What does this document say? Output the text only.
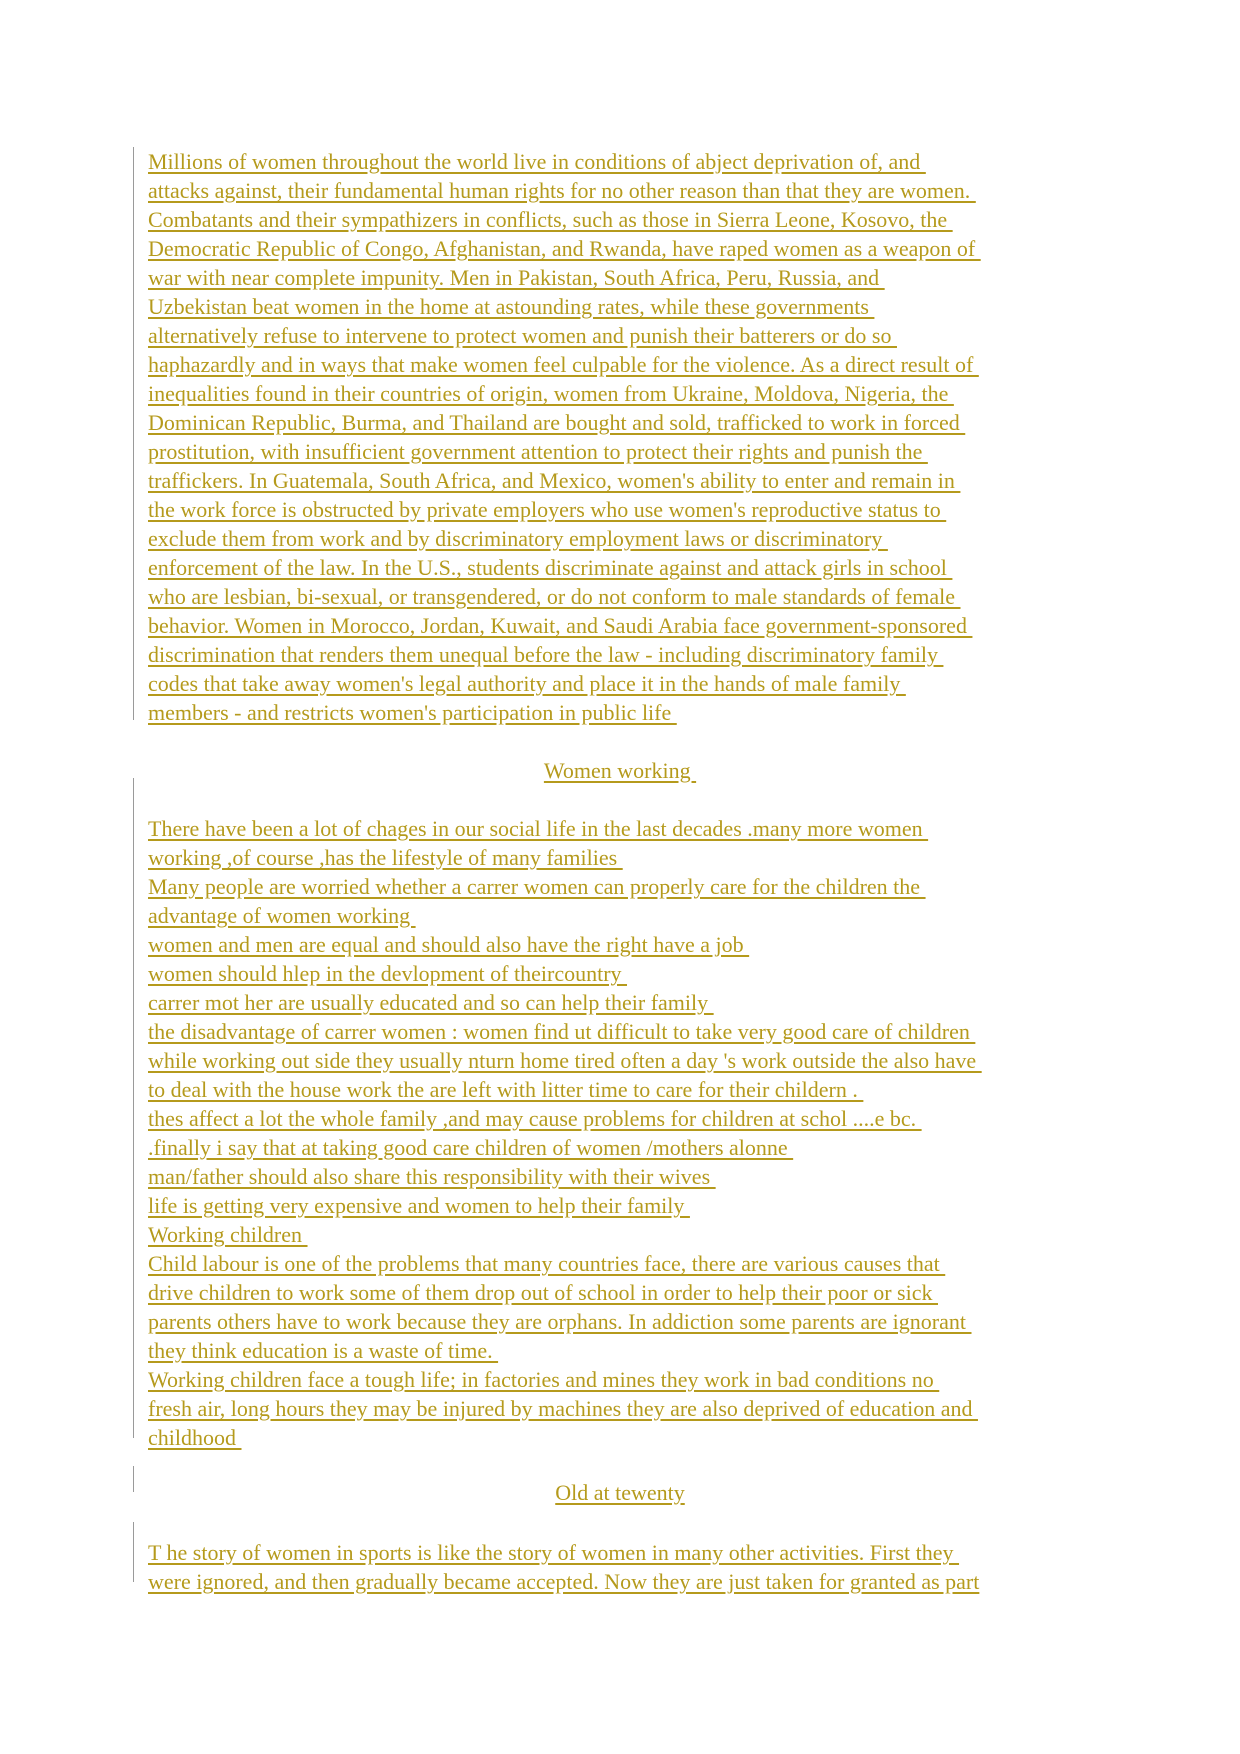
Millions of women throughout the world live in conditions of abject deprivation of, and
attacks against, their fundamental human rights for no other reason than that they are women.
Combatants and their sympathizers in conflicts, such as those in Sierra Leone, Kosovo, the
Democratic Republic of Congo, Afghanistan, and Rwanda, have raped women as a weapon of
war with near complete impunity. Men in Pakistan, South Africa, Peru, Russia, and
Uzbekistan beat women in the home at astounding rates, while these governments
alternatively refuse to intervene to protect women and punish their batterers or do so
haphazardly and in ways that make women feel culpable for the violence. As a direct result of
inequalities found in their countries of origin, women from Ukraine, Moldova, Nigeria, the
Dominican Republic, Burma, and Thailand are bought and sold, trafficked to work in forced
prostitution, with insufficient government attention to protect their rights and punish the
traffickers. In Guatemala, South Africa, and Mexico, women's ability to enter and remain in
the work force is obstructed by private employers who use women's reproductive status to
exclude them from work and by discriminatory employment laws or discriminatory
enforcement of the law. In the U.S., students discriminate against and attack girls in school
who are lesbian, bi-sexual, or transgendered, or do not conform to male standards of female
behavior. Women in Morocco, Jordan, Kuwait, and Saudi Arabia face government-sponsored
discrimination that renders them unequal before the law - including discriminatory family
codes that take away women's legal authority and place it in the hands of male family
members - and restricts women's participation in public life
Women working
There have been a lot of chages in our social life in the last decades .many more women
working ,of course ,has the lifestyle of many families
Many people are worried whether a carrer women can properly care for the children the
advantage of women working
women and men are equal and should also have the right have a job
women should hlep in the devlopment of theircountry
carrer mot her are usually educated and so can help their family
the disadvantage of carrer women : women find ut difficult to take very good care of children
while working out side they usually nturn home tired often a day 's work outside the also have
to deal with the house work the are left with litter time to care for their childern .
thes affect a lot the whole family ,and may cause problems for children at schol ....e bc.
.finally i say that at taking good care children of women /mothers alonne
man/father should also share this responsibility with their wives
life is getting very expensive and women to help their family
Working children
Child labour is one of the problems that many countries face, there are various causes that
drive children to work some of them drop out of school in order to help their poor or sick
parents others have to work because they are orphans. In addiction some parents are ignorant
they think education is a waste of time.
Working children face a tough life; in factories and mines they work in bad conditions no
fresh air, long hours they may be injured by machines they are also deprived of education and
childhood
Old at tewenty
T he story of women in sports is like the story of women in many other activities. First they
were ignored, and then gradually became accepted. Now they are just taken for granted as part
